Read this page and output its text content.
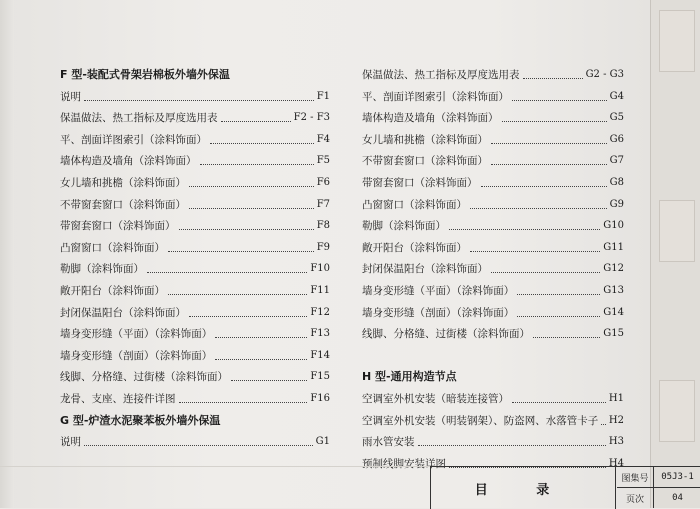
F 型-装配式骨架岩棉板外墙外保温
说明	F1
保温做法、热工指标及厚度选用表	F2 - F3
平、剖面详图索引（涂料饰面）	F4
墙体构造及墙角（涂料饰面）	F5
女儿墙和挑檐（涂料饰面）	F6
不带窗套窗口（涂料饰面）	F7
带窗套窗口（涂料饰面）	F8
凸窗窗口（涂料饰面）	F9
勒脚（涂料饰面）	F10
敞开阳台（涂料饰面）	F11
封闭保温阳台（涂料饰面）	F12
墙身变形缝（平面）（涂料饰面）	F13
墙身变形缝（剖面）（涂料饰面）	F14
线脚、分格缝、过街楼（涂料饰面）	F15
龙骨、支座、连接件详图	F16
G 型-炉渣水泥聚苯板外墙外保温
说明	G1
保温做法、热工指标及厚度选用表	G2 - G3
平、剖面详图索引（涂料饰面）	G4
墙体构造及墙角（涂料饰面）	G5
女儿墙和挑檐（涂料饰面）	G6
不带窗套窗口（涂料饰面）	G7
带窗套窗口（涂料饰面）	G8
凸窗窗口（涂料饰面）	G9
勒脚（涂料饰面）	G10
敞开阳台（涂料饰面）	G11
封闭保温阳台（涂料饰面）	G12
墙身变形缝（平面）（涂料饰面）	G13
墙身变形缝（剖面）（涂料饰面）	G14
线脚、分格缝、过街楼（涂料饰面）	G15
H 型-通用构造节点
空调室外机安装（暗装连接管）	H1
空调室外机安装（明装钢架）、防盗网、水落管卡子 H2
雨水管安装	H3
预制线脚安装详图	H4
目 录
图集号	05J3-1
页次	04
